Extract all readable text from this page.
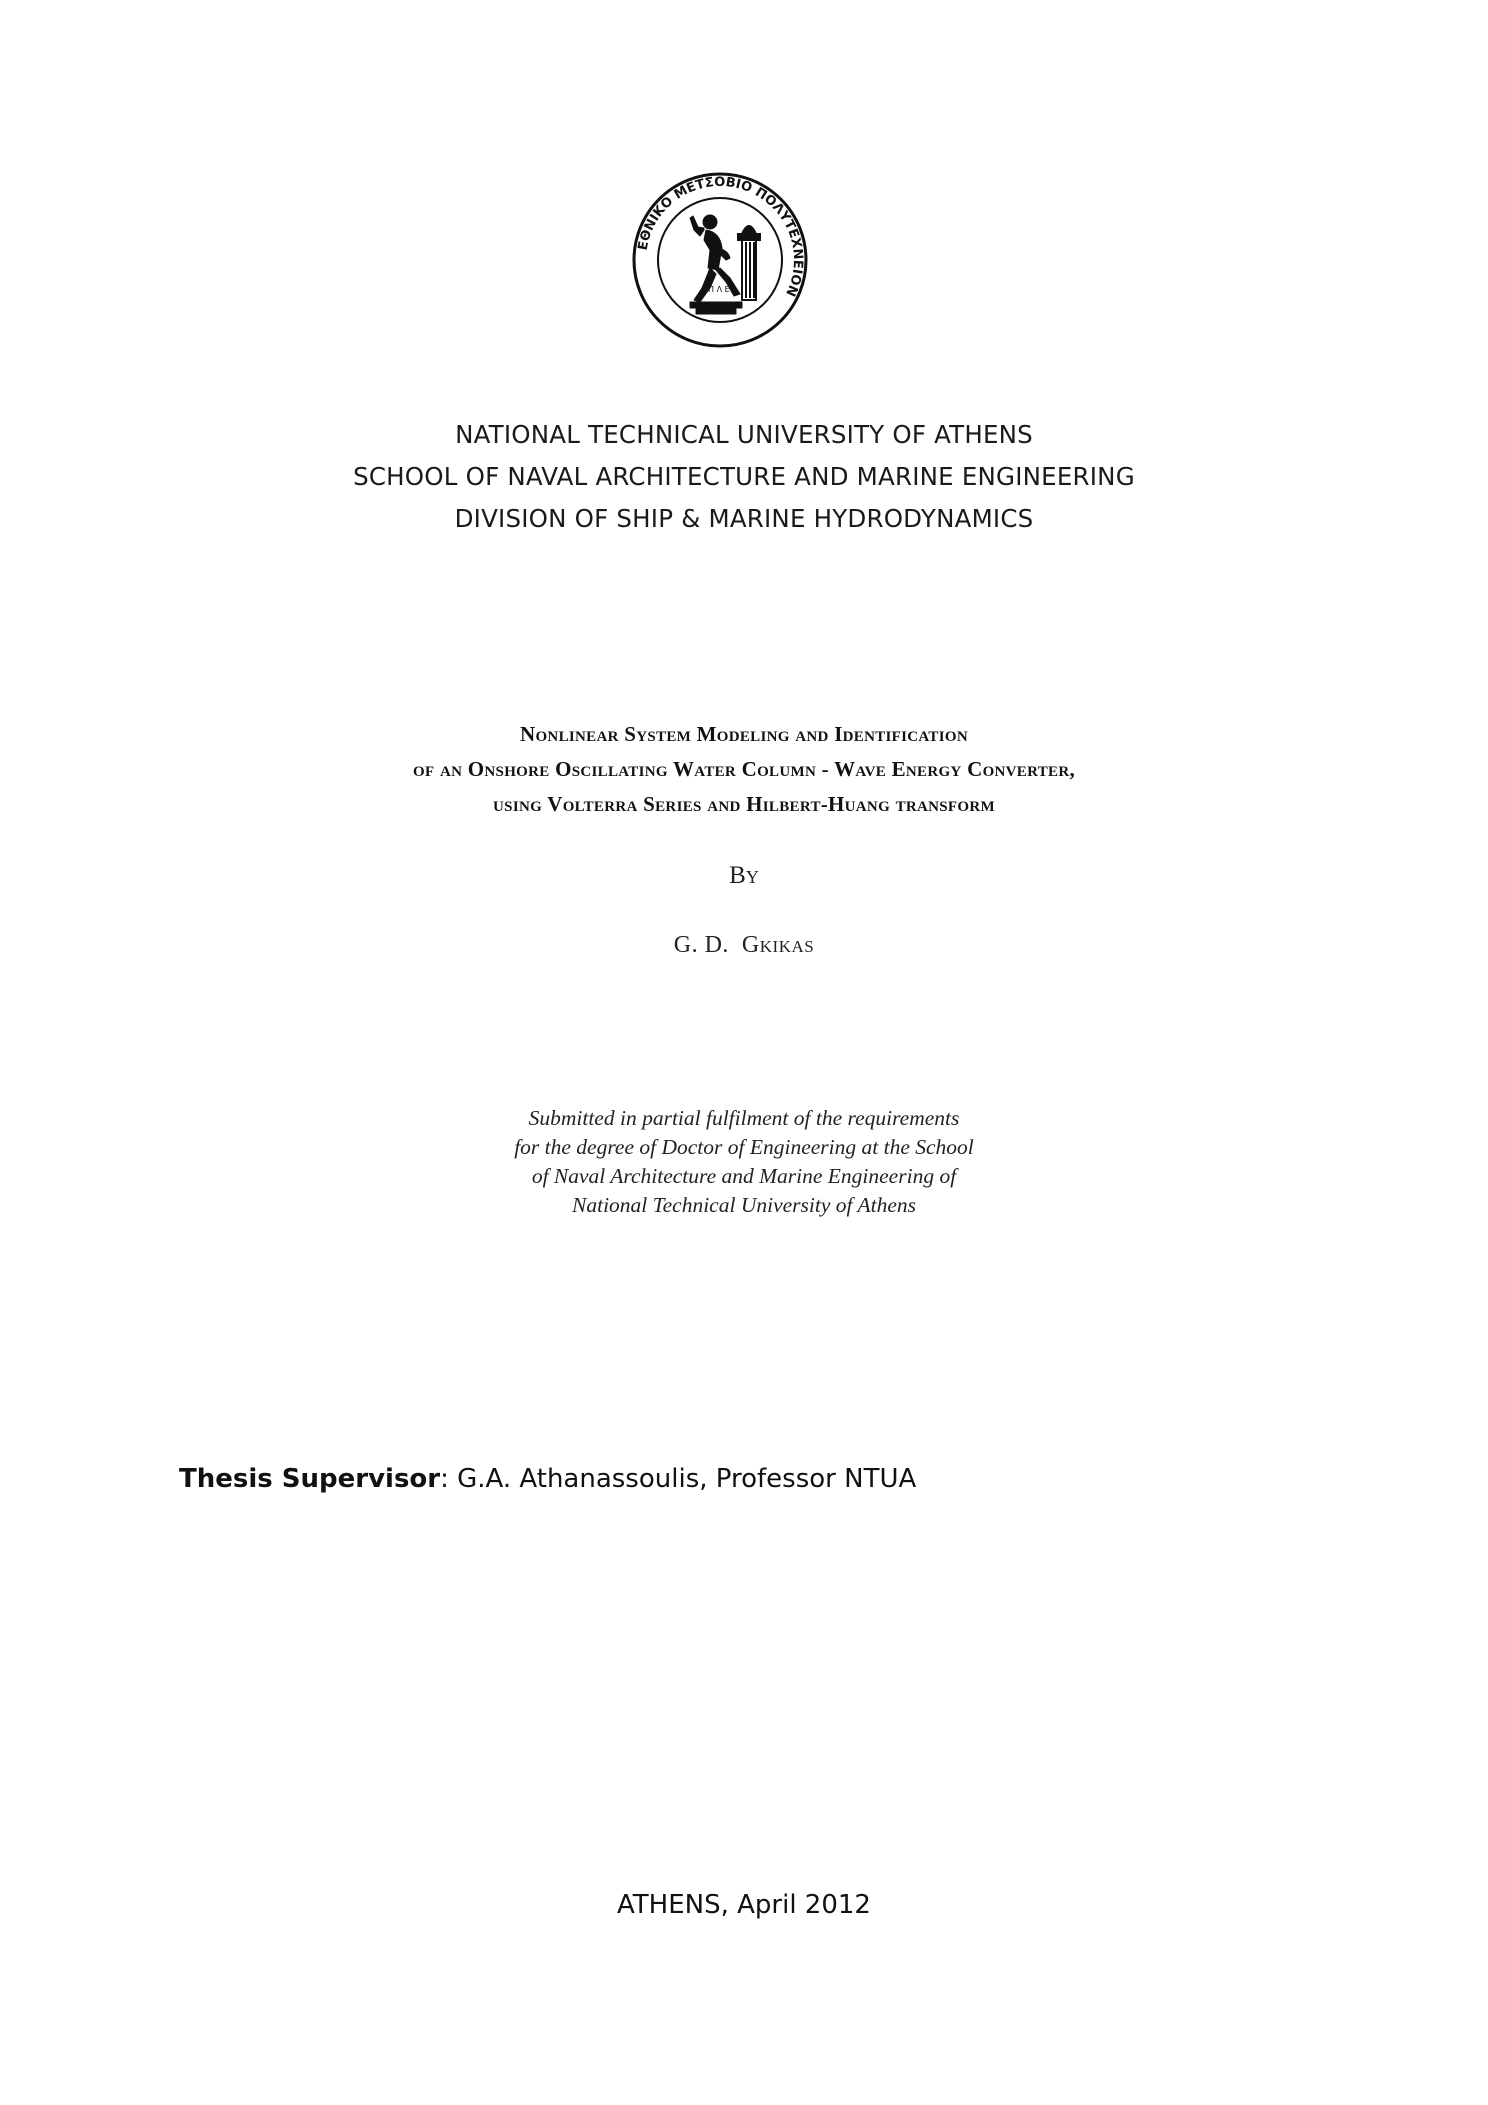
ΕΘΝΙΚΟ ΜΕΤΣΟΒΙΟ ΠΟΛΥΤΕΧΝΕΙΟΝ
Α Π Λ Ε
NATIONAL TECHNICAL UNIVERSITY OF ATHENS
SCHOOL OF NAVAL ARCHITECTURE AND MARINE ENGINEERING
DIVISION OF SHIP & MARINE HYDRODYNAMICS
Nonlinear System Modeling and Identification
of an Onshore Oscillating Water Column - Wave Energy Converter,
using Volterra Series and Hilbert-Huang transform
By
G. D.  Gkikas
Submitted in partial fulfilment of the requirements
for the degree of Doctor of Engineering at the School
of Naval Architecture and Marine Engineering of
National Technical University of Athens
Thesis Supervisor: G.A. Athanassoulis, Professor NTUA
ATHENS, April 2012
